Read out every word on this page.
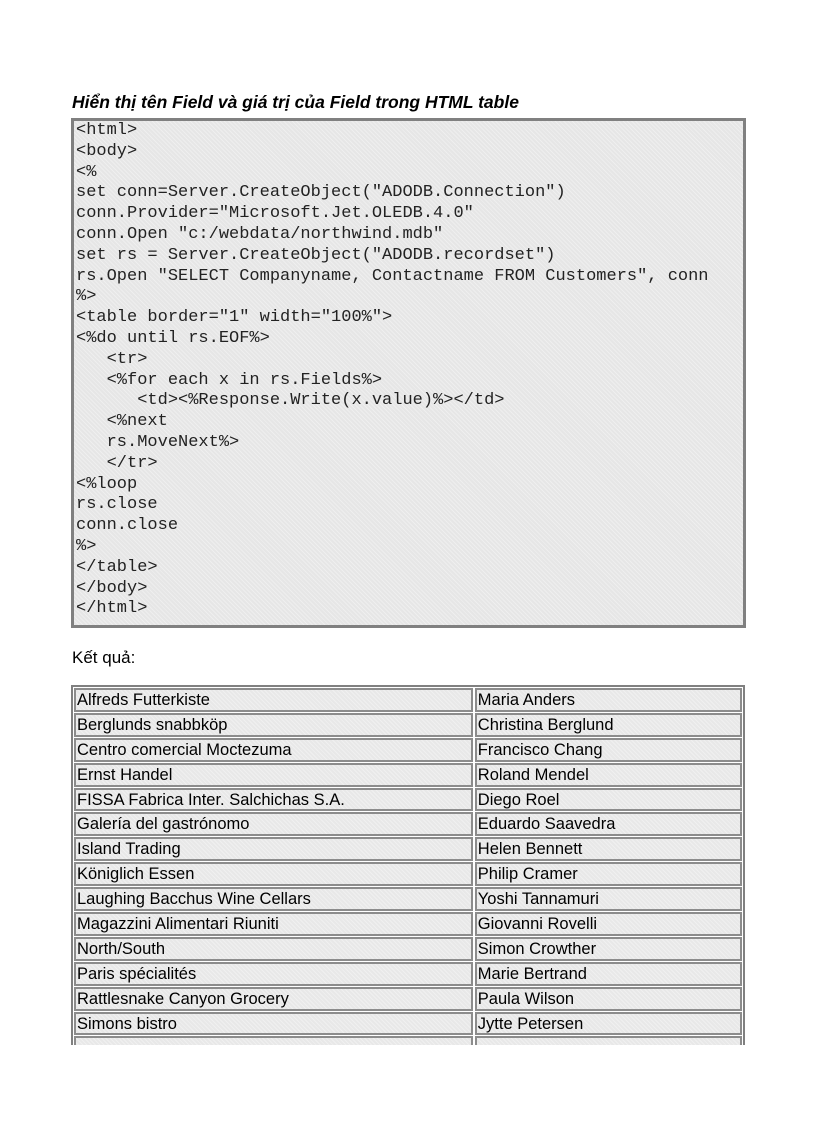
Hiển thị tên Field và giá trị của Field trong HTML table
<html>
<body>
<%
set conn=Server.CreateObject("ADODB.Connection")
conn.Provider="Microsoft.Jet.OLEDB.4.0"
conn.Open "c:/webdata/northwind.mdb"
set rs = Server.CreateObject("ADODB.recordset")
rs.Open "SELECT Companyname, Contactname FROM Customers", conn
%>
<table border="1" width="100%">
<%do until rs.EOF%>
<tr>
<%for each x in rs.Fields%>
<td><%Response.Write(x.value)%></td>
<%next
rs.MoveNext%>
</tr>
<%loop
rs.close
conn.close
%>
</table>
</body>
</html>
Kết quả:
Alfreds Futterkiste	Maria Anders
Berglunds snabbköp	Christina Berglund
Centro comercial Moctezuma	Francisco Chang
Ernst Handel	Roland Mendel
FISSA Fabrica Inter. Salchichas S.A.	Diego Roel
Galería del gastrónomo	Eduardo Saavedra
Island Trading	Helen Bennett
Königlich Essen	Philip Cramer
Laughing Bacchus Wine Cellars	Yoshi Tannamuri
Magazzini Alimentari Riuniti	Giovanni Rovelli
North/South	Simon Crowther
Paris spécialités	Marie Bertrand
Rattlesnake Canyon Grocery	Paula Wilson
Simons bistro	Jytte Petersen
